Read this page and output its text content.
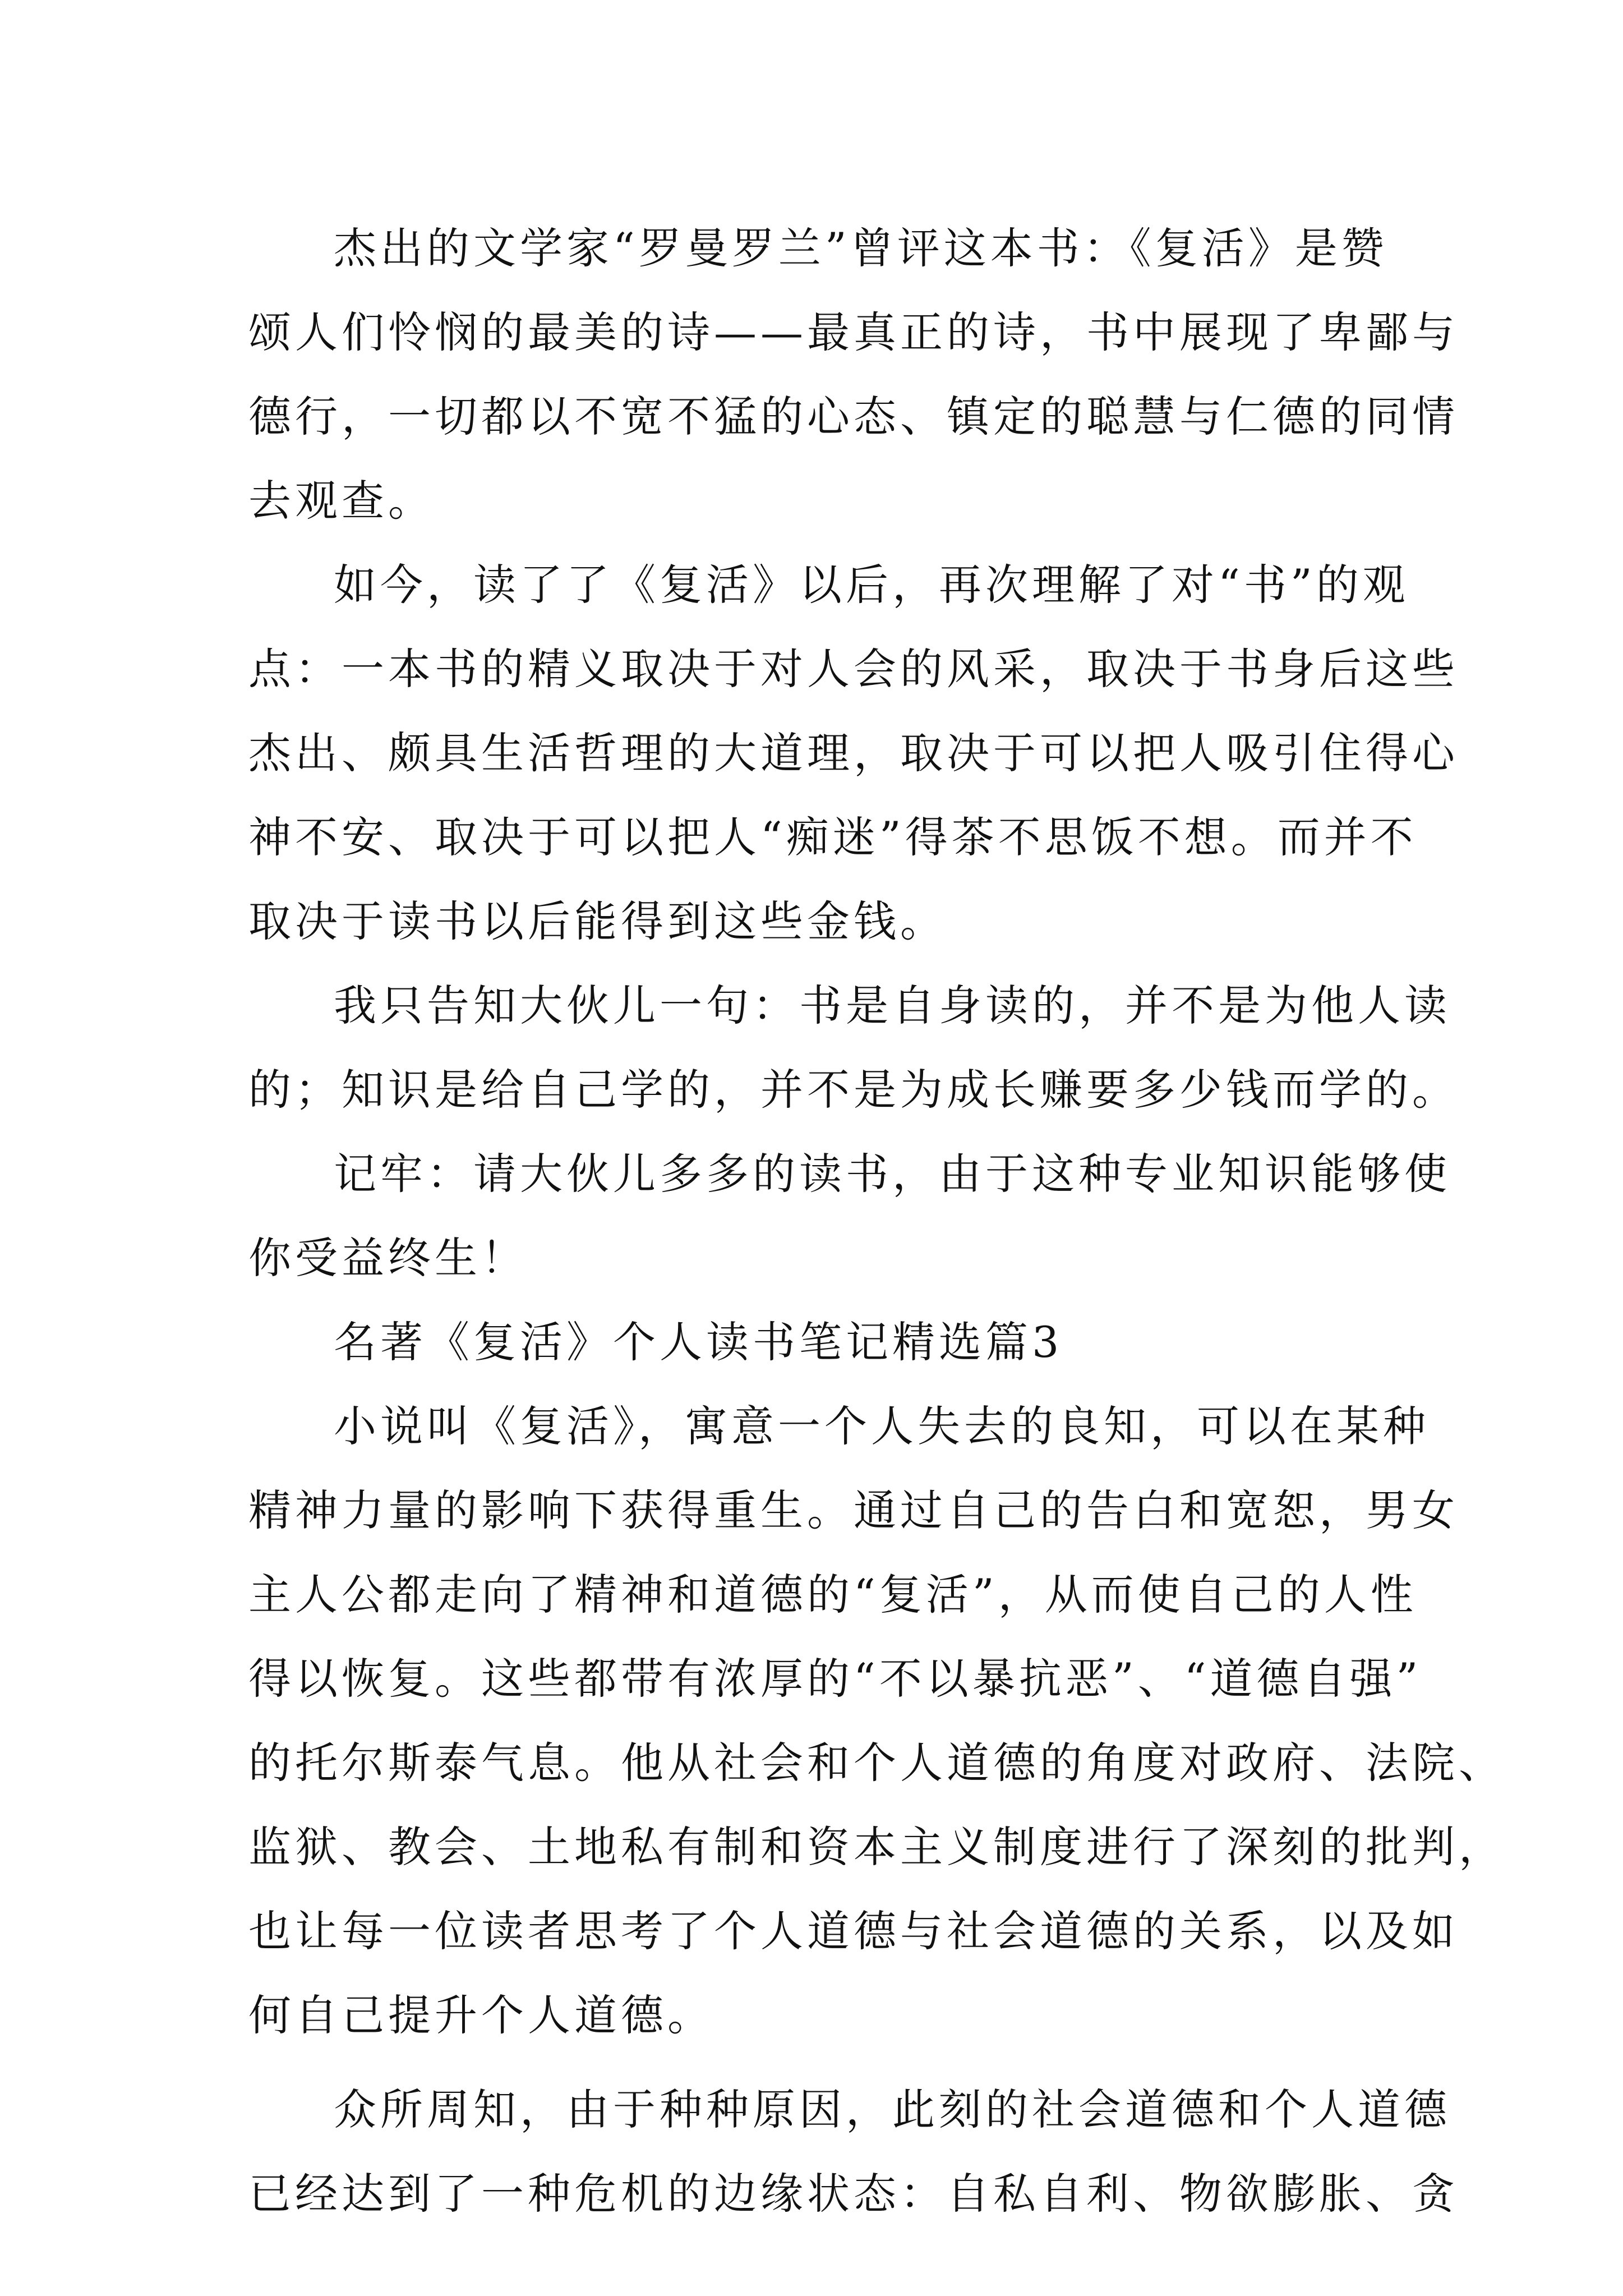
杰出的文学家“罗曼罗兰”曾评这本书：《复活》是赞
颂人们怜悯的最美的诗——最真正的诗，书中展现了卑鄙与
德行，一切都以不宽不猛的心态、镇定的聪慧与仁德的同情
去观查。
如今，读了了《复活》以后，再次理解了对“书”的观
点：一本书的精义取决于对人会的风采，取决于书身后这些
杰出、颇具生活哲理的大道理，取决于可以把人吸引住得心
神不安、取决于可以把人“痴迷”得茶不思饭不想。而并不
取决于读书以后能得到这些金钱。
我只告知大伙儿一句：书是自身读的，并不是为他人读
的；知识是给自己学的，并不是为成长赚要多少钱而学的。
记牢：请大伙儿多多的读书，由于这种专业知识能够使
你受益终生！
名著《复活》个人读书笔记精选篇3
小说叫《复活》，寓意一个人失去的良知，可以在某种
精神力量的影响下获得重生。通过自己的告白和宽恕，男女
主人公都走向了精神和道德的“复活”，从而使自己的人性
得以恢复。这些都带有浓厚的“不以暴抗恶”、“道德自强”
的托尔斯泰气息。他从社会和个人道德的角度对政府、法院、
监狱、教会、土地私有制和资本主义制度进行了深刻的批判，
也让每一位读者思考了个人道德与社会道德的关系，以及如
何自己提升个人道德。
众所周知，由于种种原因，此刻的社会道德和个人道德
已经达到了一种危机的边缘状态：自私自利、物欲膨胀、贪
